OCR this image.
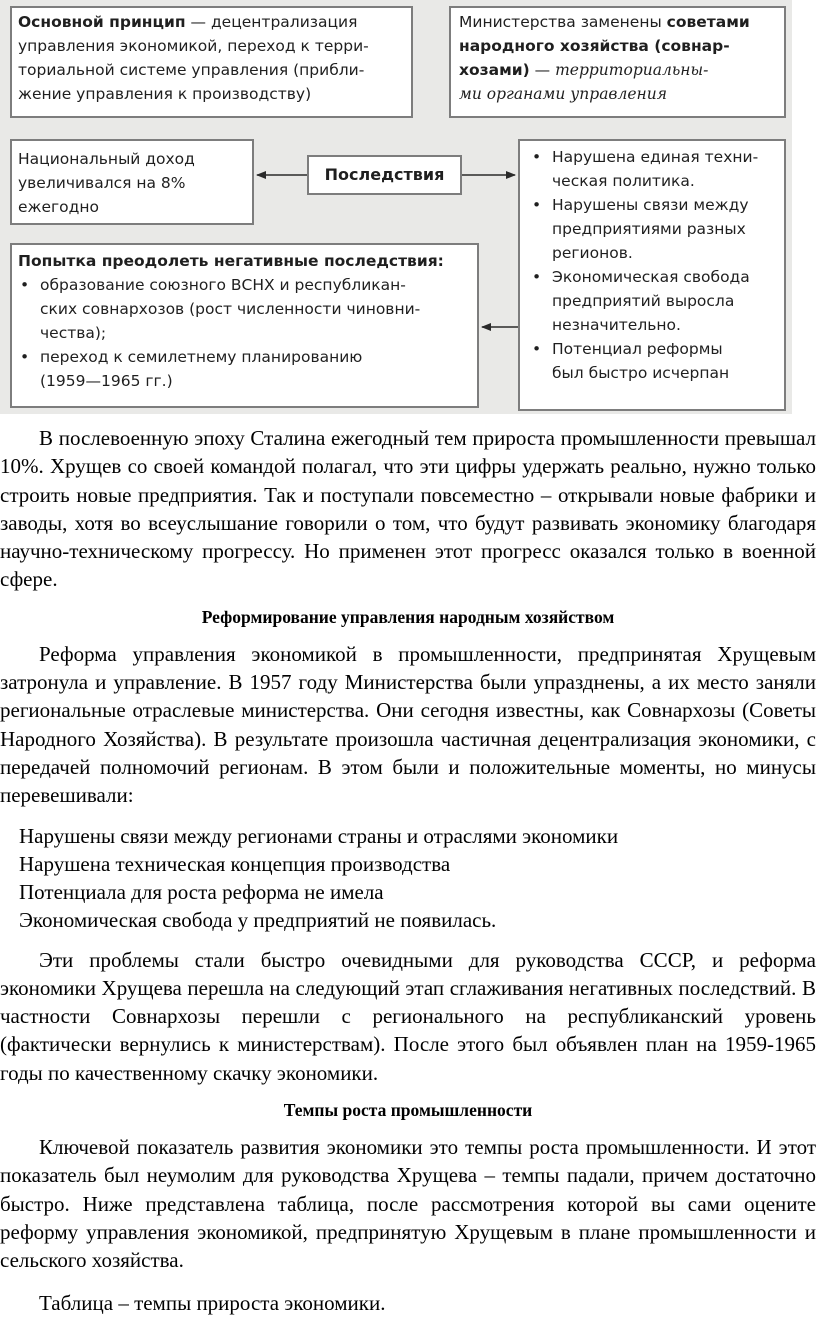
Основной принцип — децентрализация
управления экономикой, переход к терри-
ториальной системе управления (прибли-
жение управления к производству)
Министерства заменены советами
народного хозяйства (совнар-
хозами) — территориальны-
ми органами управления
Национальный доход
увеличивался на 8%
ежегодно
Последствия
• Нарушена единая техни-
ческая политика.
• Нарушены связи между
предприятиями разных
регионов.
• Экономическая свобода
предприятий выросла
незначительно.
• Потенциал реформы
был быстро исчерпан
Попытка преодолеть негативные последствия:
• образование союзного ВСНХ и республикан-
ских совнархозов (рост численности чиновни-
чества);
• переход к семилетнему планированию
(1959—1965 гг.)

В послевоенную эпоху Сталина ежегодный тем прироста промышленности превышал 10%. Хрущев со своей командой полагал, что эти цифры удержать реально, нужно только строить новые предприятия. Так и поступали повсеместно – открывали новые фабрики и заводы, хотя во всеуслышание говорили о том, что будут развивать экономику благодаря научно-техническому прогрессу. Но применен этот прогресс оказался только в военной сфере.

Реформирование управления народным хозяйством

Реформа управления экономикой в промышленности, предпринятая Хрущевым затронула и управление. В 1957 году Министерства были упразднены, а их место заняли региональные отраслевые министерства. Они сегодня известны, как Совнархозы (Советы Народного Хозяйства). В результате произошла частичная децентрализация экономики, с передачей полномочий регионам. В этом были и положительные моменты, но минусы перевешивали:

Нарушены связи между регионами страны и отраслями экономики
Нарушена техническая концепция производства
Потенциала для роста реформа не имела
Экономическая свобода у предприятий не появилась.

Эти проблемы стали быстро очевидными для руководства СССР, и реформа экономики Хрущева перешла на следующий этап сглаживания негативных последствий. В частности Совнархозы перешли с регионального на республиканский уровень (фактически вернулись к министерствам). После этого был объявлен план на 1959-1965 годы по качественному скачку экономики.

Темпы роста промышленности

Ключевой показатель развития экономики это темпы роста промышленности. И этот показатель был неумолим для руководства Хрущева – темпы падали, причем достаточно быстро. Ниже представлена таблица, после рассмотрения которой вы сами оцените реформу управления экономикой, предпринятую Хрущевым в плане промышленности и сельского хозяйства.

Таблица – темпы прироста экономики.
